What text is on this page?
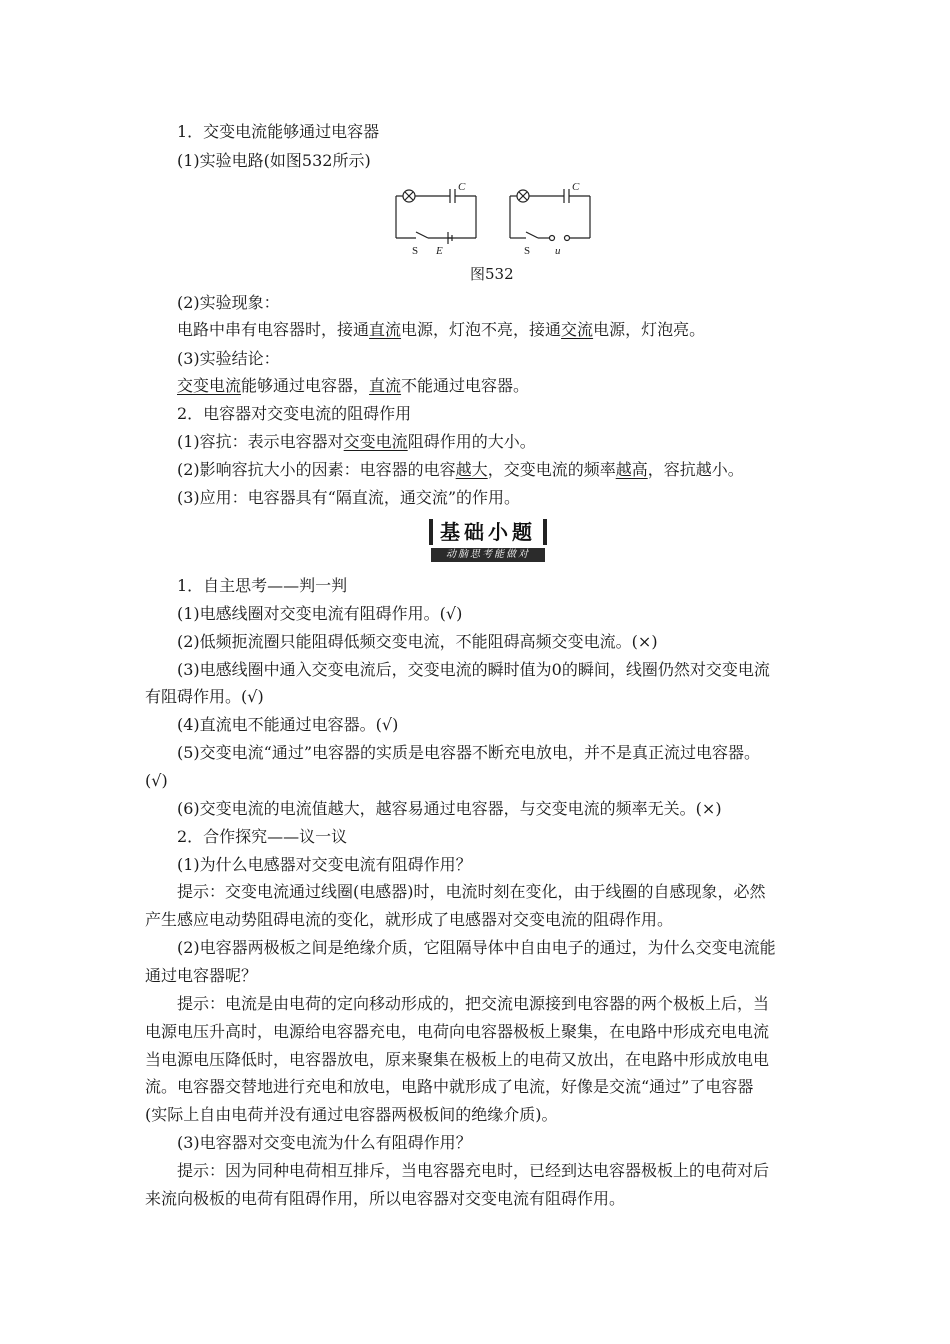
1．交变电流能够通过电容器
(1)实验电路(如图532所示)
C	C
E	u
S	S
图532
(2)实验现象：
电路中串有电容器时，接通直流电源，灯泡不亮，接通交流电源，灯泡亮。
(3)实验结论：
交变电流能够通过电容器，直流不能通过电容器。
2．电容器对交变电流的阻碍作用
(1)容抗：表示电容器对交变电流阻碍作用的大小。
(2)影响容抗大小的因素：电容器的电容越大，交变电流的频率越高，容抗越小。
(3)应用：电容器具有“隔直流，通交流”的作用。
基础小题
动脑思考能做对
1．自主思考——判一判
(1)电感线圈对交变电流有阻碍作用。(√)
(2)低频扼流圈只能阻碍低频交变电流，不能阻碍高频交变电流。(×)
(3)电感线圈中通入交变电流后，交变电流的瞬时值为0的瞬间，线圈仍然对交变电流
有阻碍作用。(√)
(4)直流电不能通过电容器。(√)
(5)交变电流“通过”电容器的实质是电容器不断充电放电，并不是真正流过电容器。
(√)
(6)交变电流的电流值越大，越容易通过电容器，与交变电流的频率无关。(×)
2．合作探究——议一议
(1)为什么电感器对交变电流有阻碍作用？
提示：交变电流通过线圈(电感器)时，电流时刻在变化，由于线圈的自感现象，必然
产生感应电动势阻碍电流的变化，就形成了电感器对交变电流的阻碍作用。
(2)电容器两极板之间是绝缘介质，它阻隔导体中自由电子的通过，为什么交变电流能
通过电容器呢？
提示：电流是由电荷的定向移动形成的，把交流电源接到电容器的两个极板上后，当
电源电压升高时，电源给电容器充电，电荷向电容器极板上聚集，在电路中形成充电电流
当电源电压降低时，电容器放电，原来聚集在极板上的电荷又放出，在电路中形成放电电
流。电容器交替地进行充电和放电，电路中就形成了电流，好像是交流“通过”了电容器
(实际上自由电荷并没有通过电容器两极板间的绝缘介质)。
(3)电容器对交变电流为什么有阻碍作用？
提示：因为同种电荷相互排斥，当电容器充电时，已经到达电容器极板上的电荷对后
来流向极板的电荷有阻碍作用，所以电容器对交变电流有阻碍作用。
